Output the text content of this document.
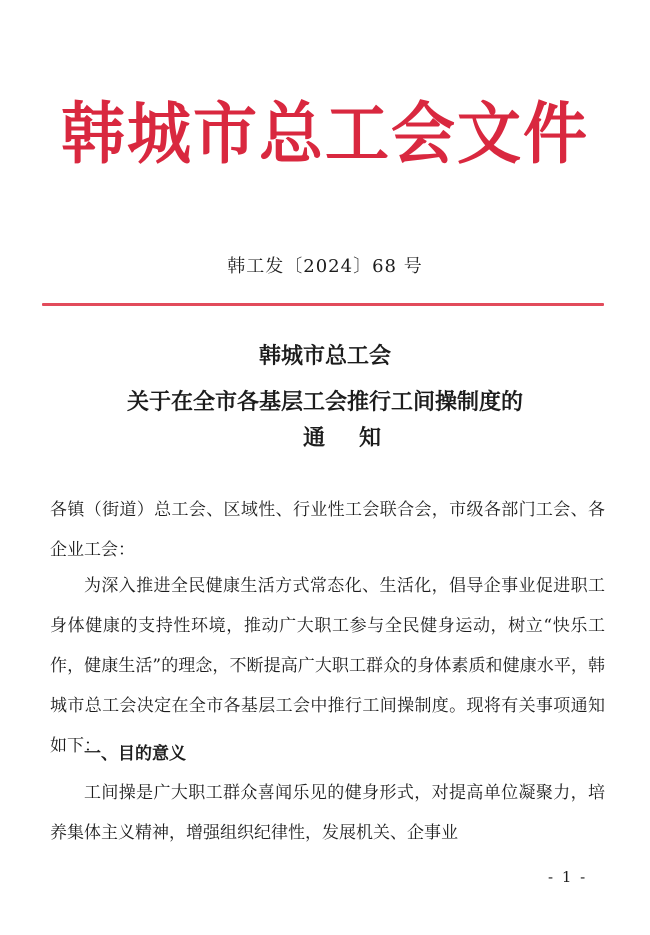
韩城市总工会文件
韩工发〔2024〕68 号
韩城市总工会
关于在全市各基层工会推行工间操制度的
通知
各镇（街道）总工会、区域性、行业性工会联合会，市级各部门工会、各企业工会：
为深入推进全民健康生活方式常态化、生活化，倡导企事业促进职工身体健康的支持性环境，推动广大职工参与全民健身运动，树立“快乐工作，健康生活”的理念，不断提高广大职工群众的身体素质和健康水平，韩城市总工会决定在全市各基层工会中推行工间操制度。现将有关事项通知如下：
一、目的意义
工间操是广大职工群众喜闻乐见的健身形式，对提高单位凝聚力，培养集体主义精神，增强组织纪律性，发展机关、企事业
- 1 -
